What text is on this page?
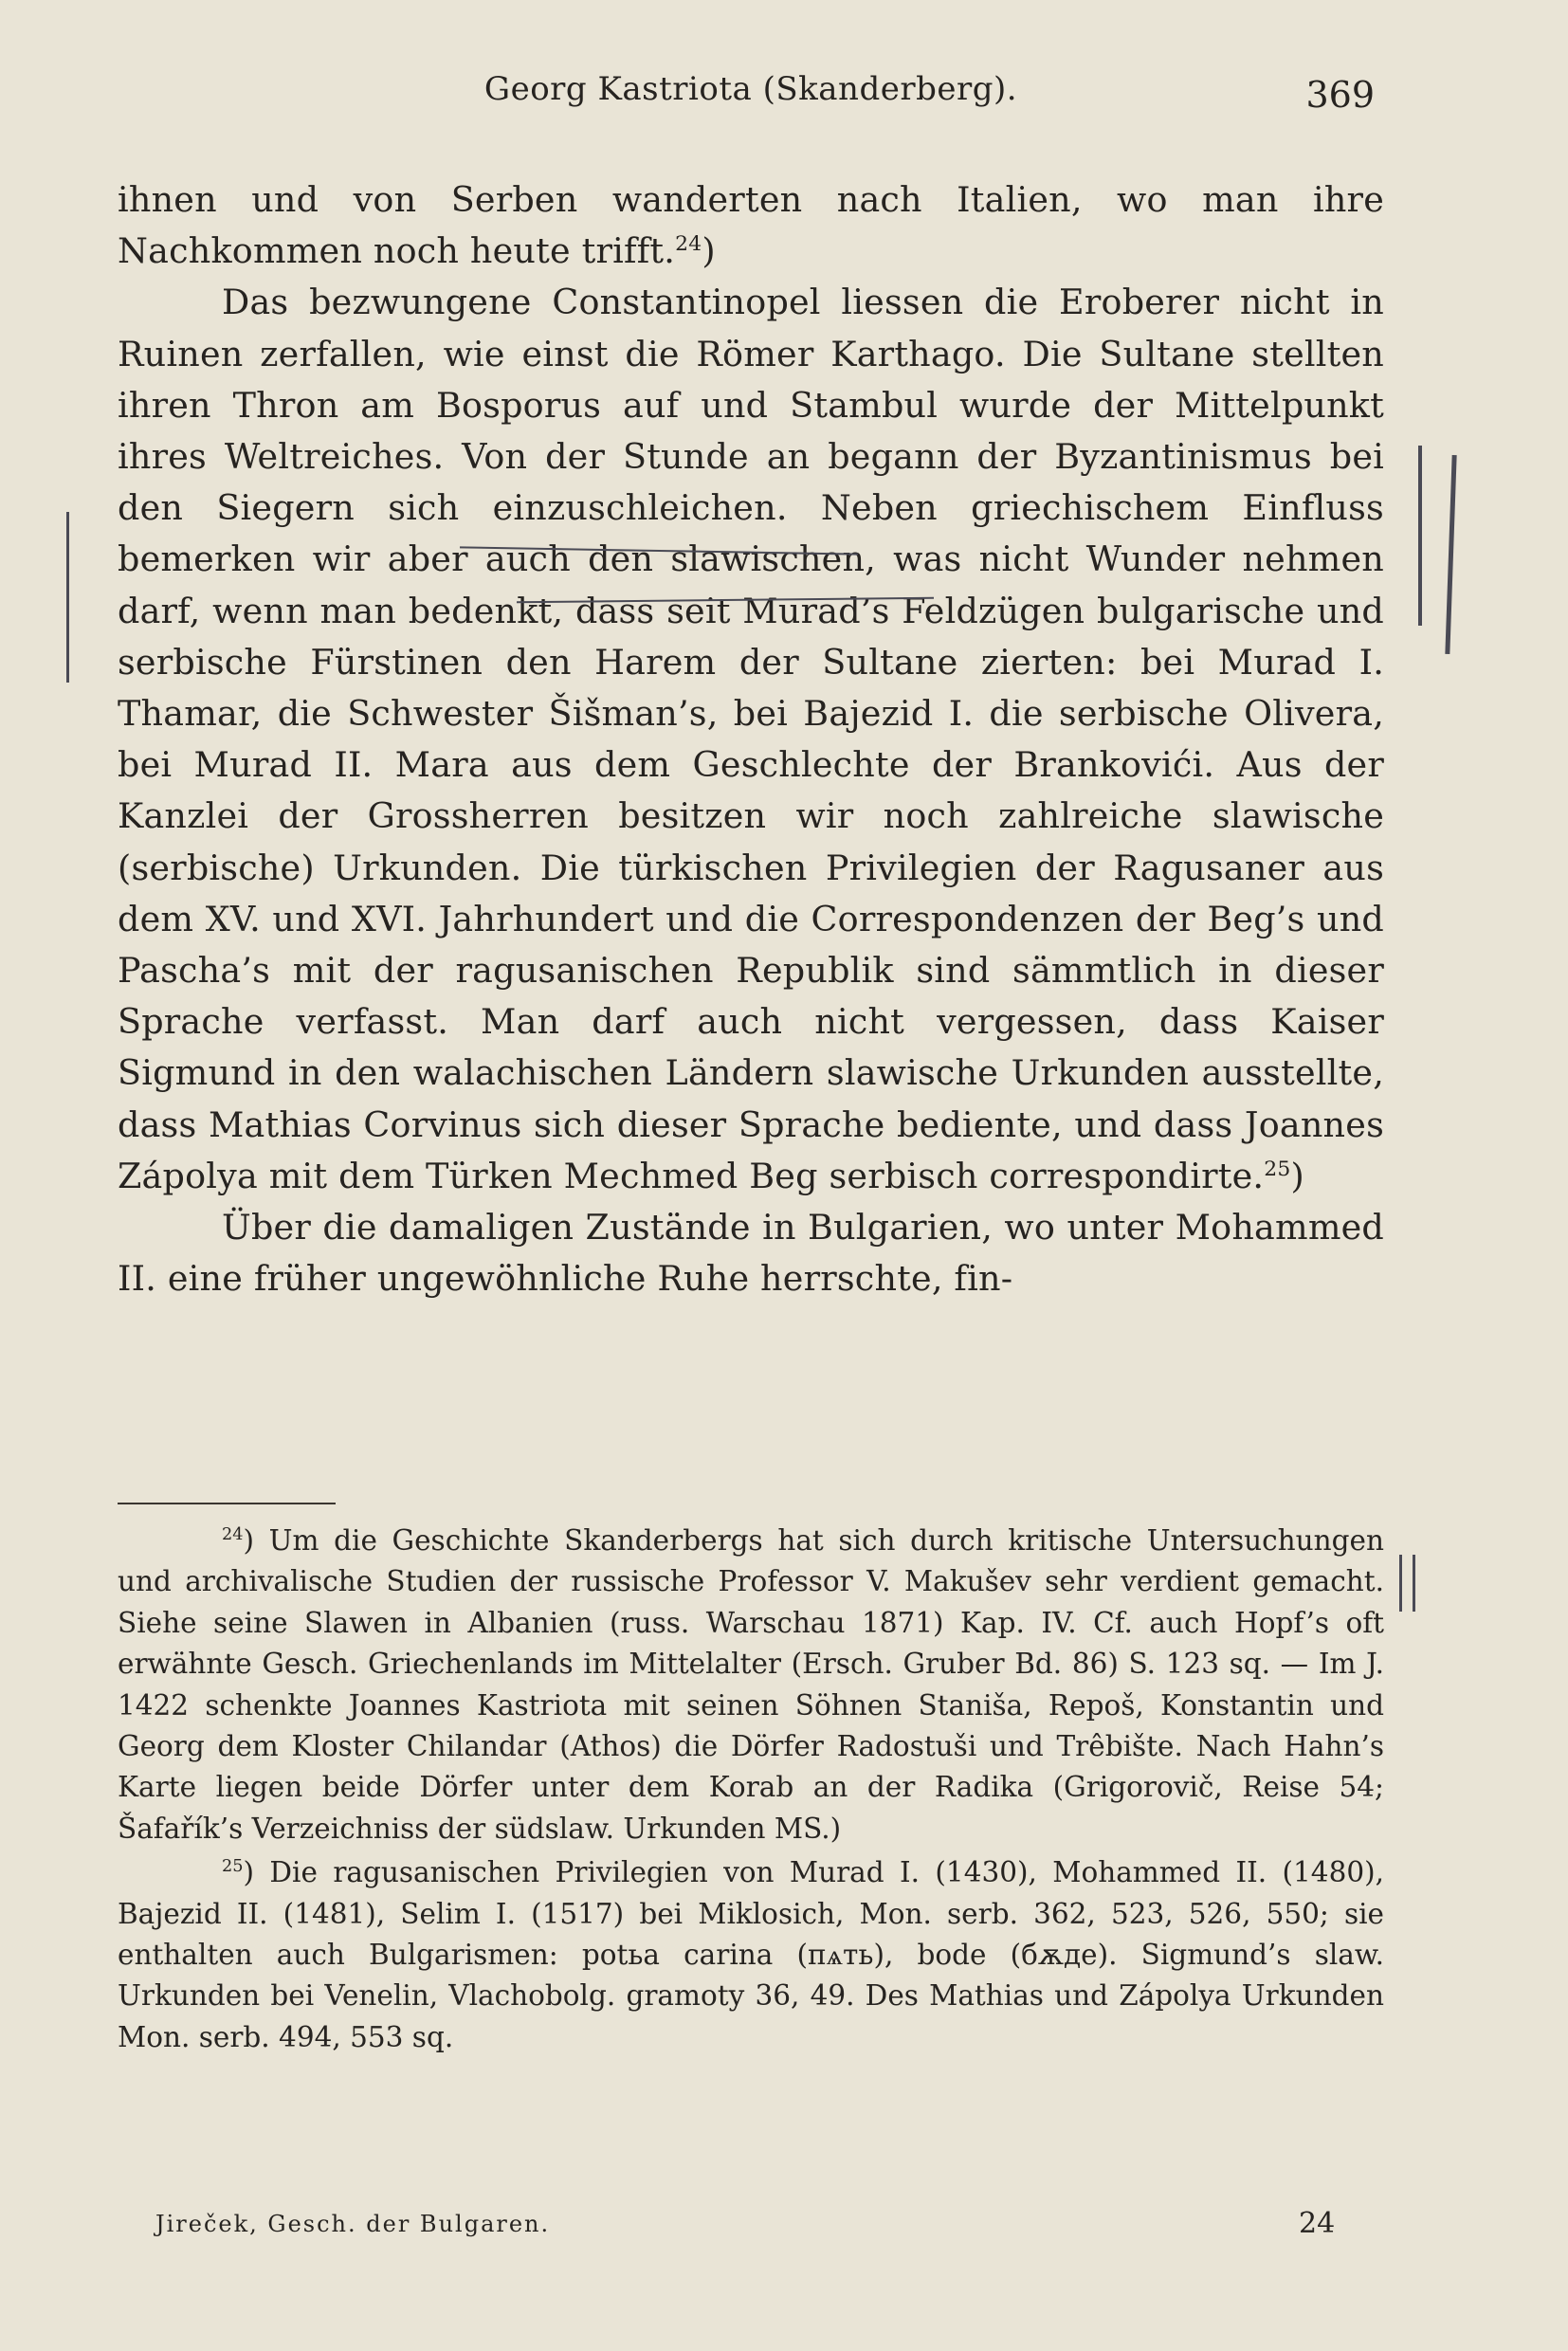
Georg Kastriota (Skanderberg).	369

ihnen und von Serben wanderten nach Italien, wo man ihre Nachkommen noch heute trifft.$^{24}$)

Das bezwungene Constantinopel liessen die Eroberer nicht in Ruinen zerfallen, wie einst die Römer Karthago. Die Sultane stellten ihren Thron am Bosporus auf und Stambul wurde der Mittelpunkt ihres Weltreiches. Von der Stunde an begann der Byzantinismus bei den Siegern sich einzuschleichen. Neben griechischem Einfluss bemerken wir aber auch den slawischen, was nicht Wunder nehmen darf, wenn man bedenkt, dass seit Murad’s Feldzügen bulgarische und serbische Fürstinen den Harem der Sultane zierten: bei Murad I. Thamar, die Schwester Šišman’s, bei Bajezid I. die serbische Olivera, bei Murad II. Mara aus dem Geschlechte der Brankovići. Aus der Kanzlei der Grossherren besitzen wir noch zahlreiche slawische (serbische) Urkunden. Die türkischen Privilegien der Ragusaner aus dem XV. und XVI. Jahrhundert und die Correspondenzen der Beg’s und Pascha’s mit der ragusanischen Republik sind sämmtlich in dieser Sprache verfasst. Man darf auch nicht vergessen, dass Kaiser Sigmund in den walachischen Ländern slawische Urkunden ausstellte, dass Mathias Corvinus sich dieser Sprache bediente, und dass Joannes Zápolya mit dem Türken Mechmed Beg serbisch correspondirte.$^{25}$)

Über die damaligen Zustände in Bulgarien, wo unter Mohammed II. eine früher ungewöhnliche Ruhe herrschte, fin-

$^{24}$) Um die Geschichte Skanderbergs hat sich durch kritische Untersuchungen und archivalische Studien der russische Professor V. Makušev sehr verdient gemacht. Siehe seine Slawen in Albanien (russ. Warschau 1871) Kap. IV. Cf. auch Hopf’s oft erwähnte Gesch. Griechenlands im Mittelalter (Ersch. Gruber Bd. 86) S. 123 sq. — Im J. 1422 schenkte Joannes Kastriota mit seinen Söhnen Staniša, Repoš, Konstantin und Georg dem Kloster Chilandar (Athos) die Dörfer Radostuši und Trêbište. Nach Hahn’s Karte liegen beide Dörfer unter dem Korab an der Radika (Grigorovič, Reise 54; Šafařík’s Verzeichniss der südslaw. Urkunden MS.)

$^{25}$) Die ragusanischen Privilegien von Murad I. (1430), Mohammed II. (1480), Bajezid II. (1481), Selim I. (1517) bei Miklosich, Mon. serb. 362, 523, 526, 550; sie enthalten auch Bulgarismen: potьa carina (пѧть), bode (бѫде). Sigmund’s slaw. Urkunden bei Venelin, Vlachobolg. gramoty 36, 49. Des Mathias und Zápolya Urkunden Mon. serb. 494, 553 sq.

Jireček, Gesch. der Bulgaren.	24
